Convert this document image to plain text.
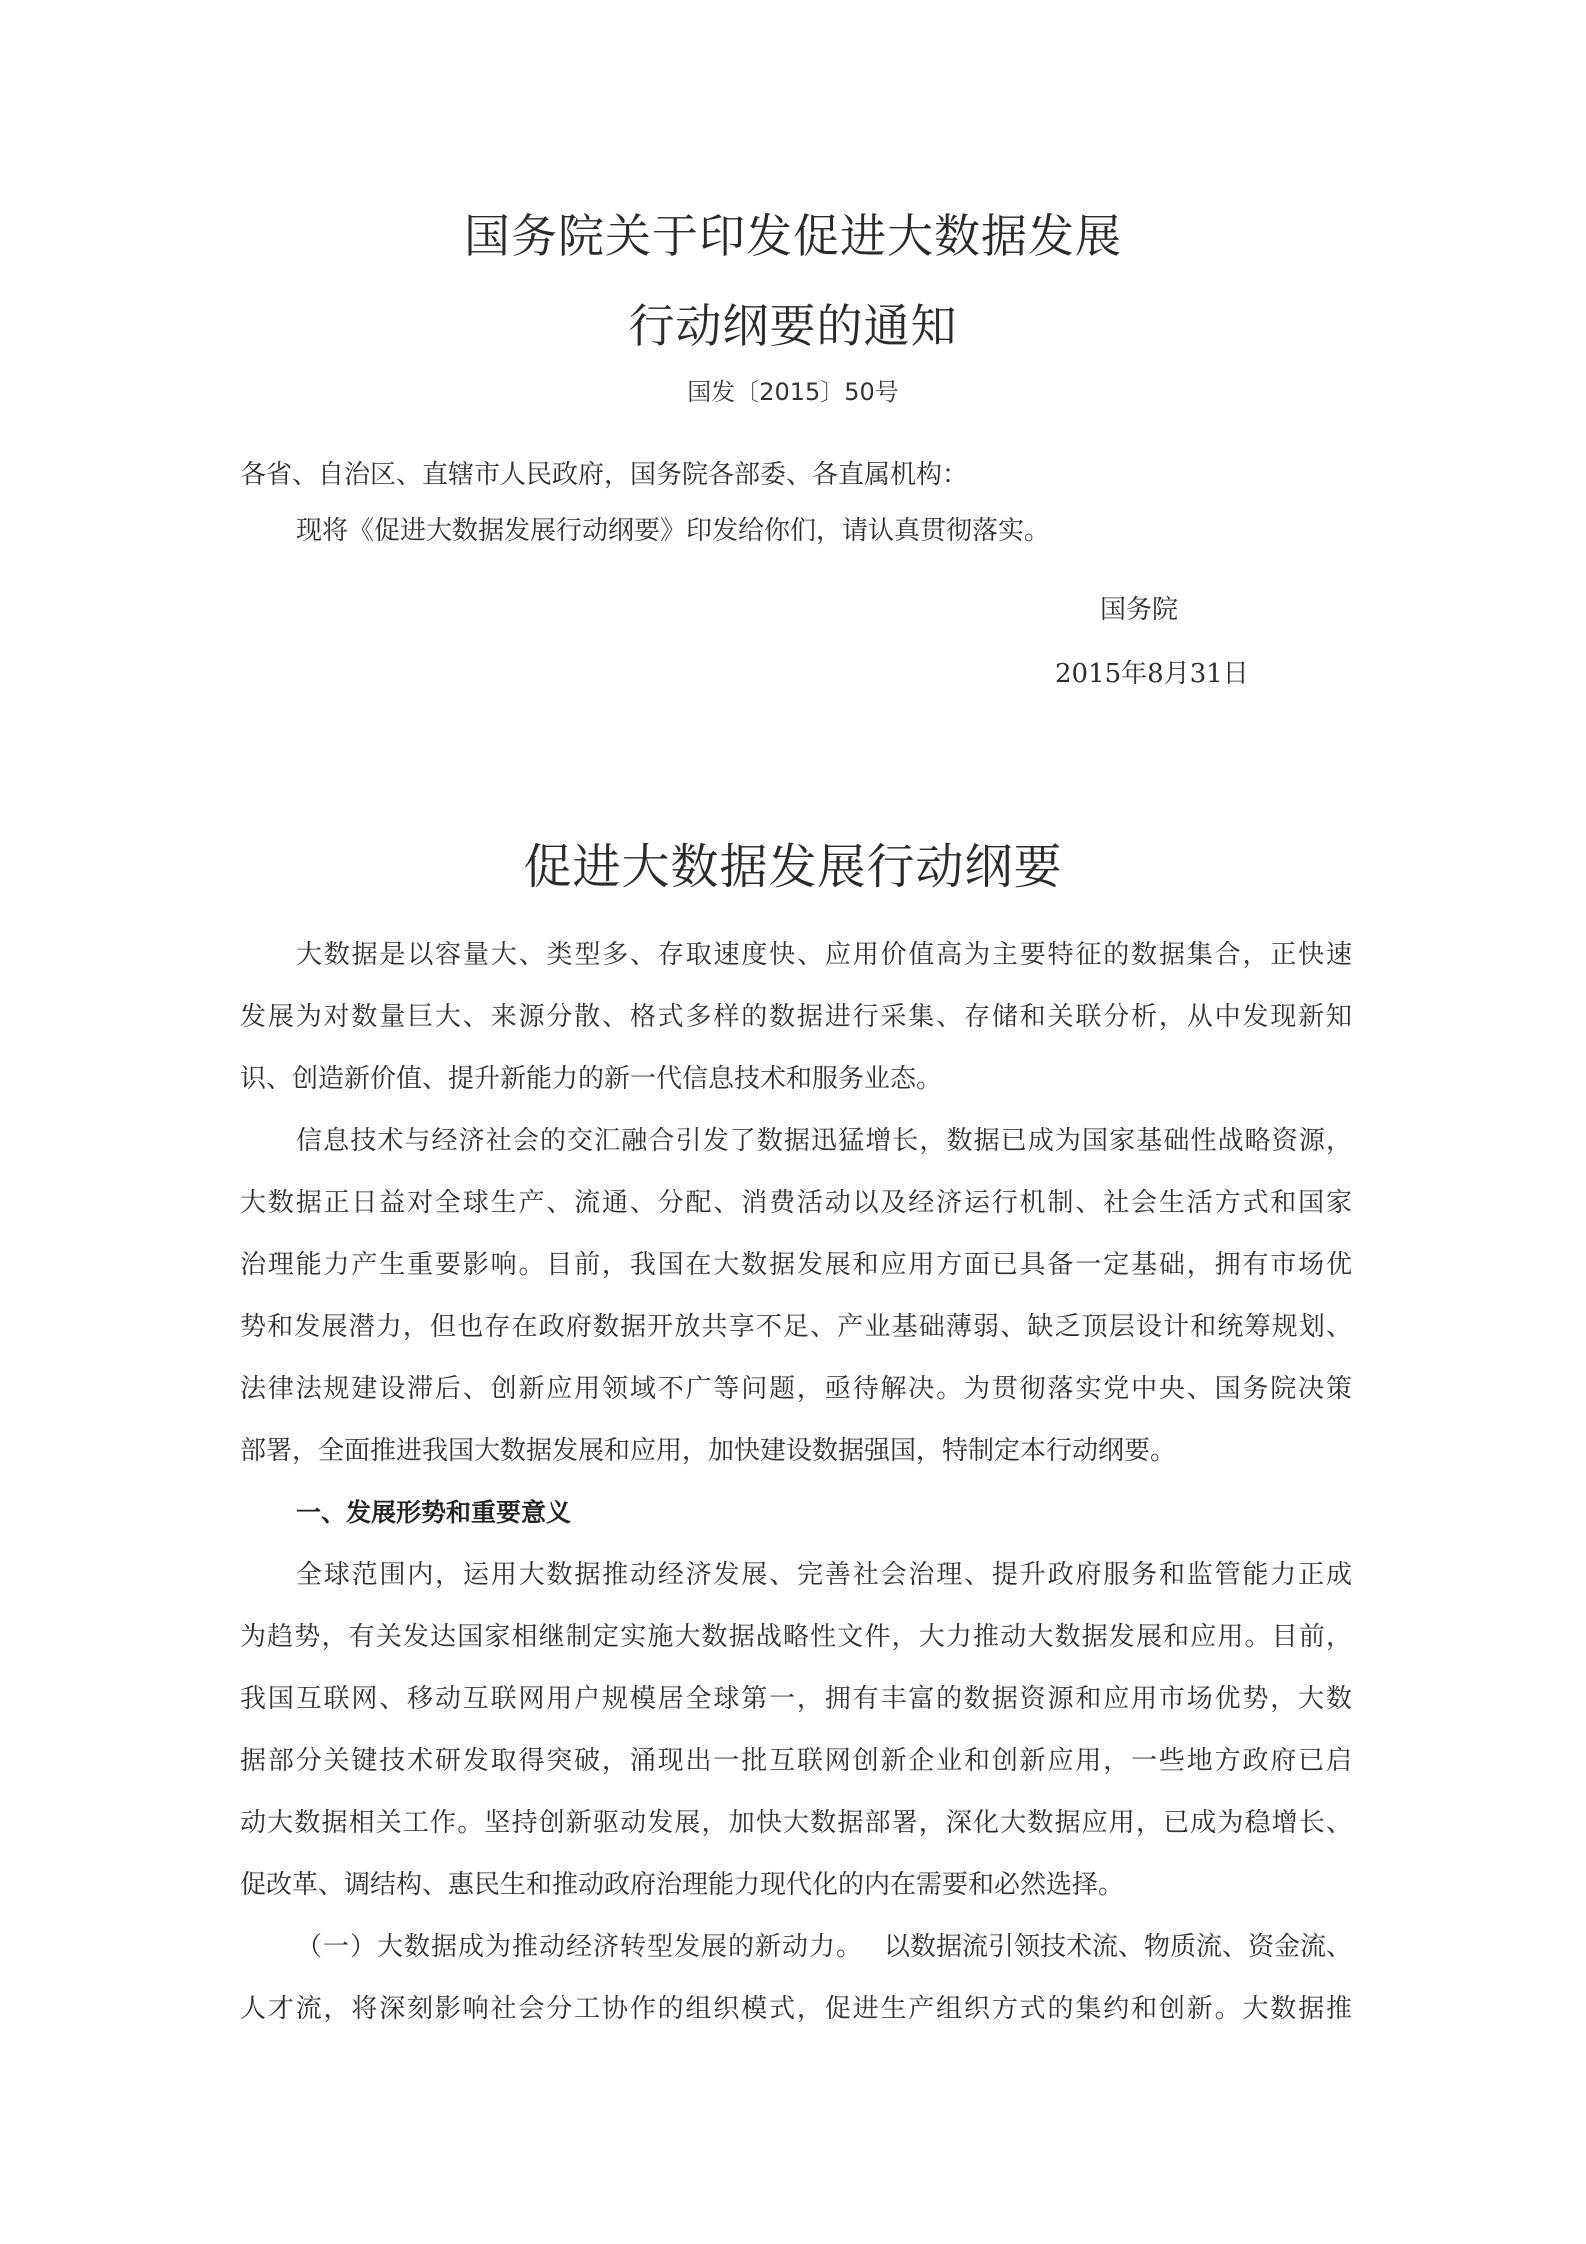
国务院关于印发促进大数据发展
行动纲要的通知
国发〔2015〕50号
各省、自治区、直辖市人民政府，国务院各部委、各直属机构：
现将《促进大数据发展行动纲要》印发给你们，请认真贯彻落实。
国务院
2015年8月31日
促进大数据发展行动纲要
大数据是以容量大、类型多、存取速度快、应用价值高为主要特征的数据集合，正快速
发展为对数量巨大、来源分散、格式多样的数据进行采集、存储和关联分析，从中发现新知
识、创造新价值、提升新能力的新一代信息技术和服务业态。
信息技术与经济社会的交汇融合引发了数据迅猛增长，数据已成为国家基础性战略资源，
大数据正日益对全球生产、流通、分配、消费活动以及经济运行机制、社会生活方式和国家
治理能力产生重要影响。目前，我国在大数据发展和应用方面已具备一定基础，拥有市场优
势和发展潜力，但也存在政府数据开放共享不足、产业基础薄弱、缺乏顶层设计和统筹规划、
法律法规建设滞后、创新应用领域不广等问题，亟待解决。为贯彻落实党中央、国务院决策
部署，全面推进我国大数据发展和应用，加快建设数据强国，特制定本行动纲要。
一、发展形势和重要意义
全球范围内，运用大数据推动经济发展、完善社会治理、提升政府服务和监管能力正成
为趋势，有关发达国家相继制定实施大数据战略性文件，大力推动大数据发展和应用。目前，
我国互联网、移动互联网用户规模居全球第一，拥有丰富的数据资源和应用市场优势，大数
据部分关键技术研发取得突破，涌现出一批互联网创新企业和创新应用，一些地方政府已启
动大数据相关工作。坚持创新驱动发展，加快大数据部署，深化大数据应用，已成为稳增长、
促改革、调结构、惠民生和推动政府治理能力现代化的内在需要和必然选择。
（一）大数据成为推动经济转型发展的新动力。 以数据流引领技术流、物质流、资金流、
人才流，将深刻影响社会分工协作的组织模式，促进生产组织方式的集约和创新。大数据推
